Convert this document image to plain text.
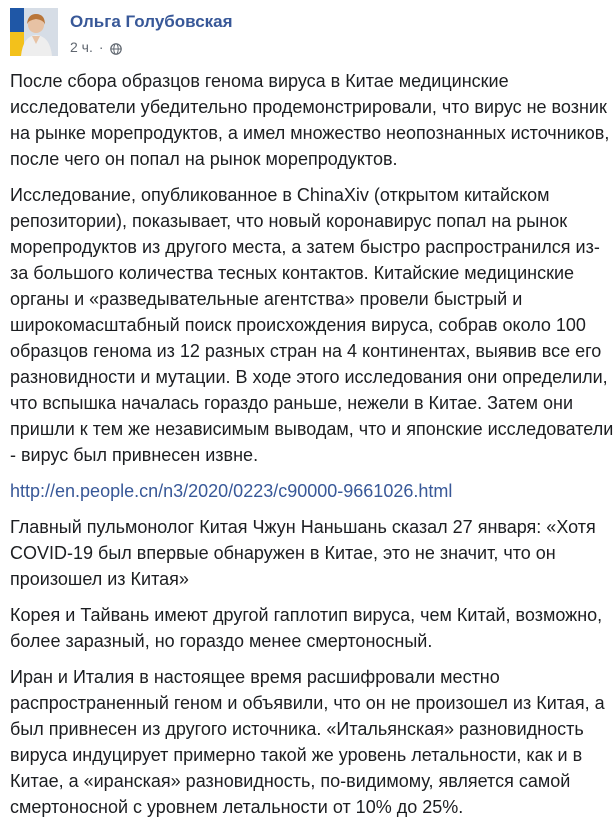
Ольга Голубовская
2 ч. ·

После сбора образцов генома вируса в Китае медицинские исследователи убедительно продемонстрировали, что вирус не возник на рынке морепродуктов, а имел множество неопознанных источников, после чего он попал на рынок морепродуктов.

Исследование, опубликованное в ChinaXiv (открытом китайском репозитории), показывает, что новый коронавирус попал на рынок морепродуктов из другого места, а затем быстро распространился из-за большого количества тесных контактов. Китайские медицинские органы и «разведывательные агентства» провели быстрый и широкомасштабный поиск происхождения вируса, собрав около 100 образцов генома из 12 разных стран на 4 континентах, выявив все его разновидности и мутации. В ходе этого исследования они определили, что вспышка началась гораздо раньше, нежели в Китае. Затем они пришли к тем же независимым выводам, что и японские исследователи - вирус был привнесен извне.

http://en.people.cn/n3/2020/0223/c90000-9661026.html

Главный пульмонолог Китая Чжун Наньшань сказал 27 января: «Хотя COVID-19 был впервые обнаружен в Китае, это не значит, что он произошел из Китая»

Корея и Тайвань имеют другой гаплотип вируса, чем Китай, возможно, более заразный, но гораздо менее смертоносный.

Иран и Италия в настоящее время расшифровали местно распространенный геном и объявили, что он не произошел из Китая, а был привнесен из другого источника. «Итальянская» разновидность вируса индуцирует примерно такой же уровень летальности, как и в Китае, а «иранская» разновидность, по-видимому, является самой смертоносной с уровнем летальности от 10% до 25%.
